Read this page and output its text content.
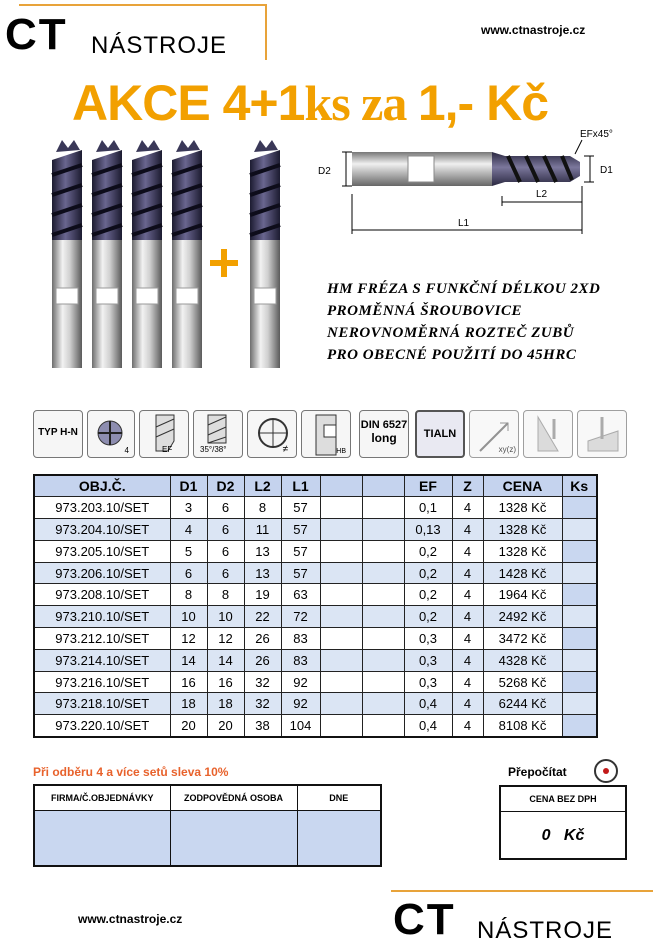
CT NÁSTROJE
www.ctnastroje.cz
AKCE 4+1ks za 1,- Kč
D2	D1
L2
L1
EFx45°
HM FRÉZA S FUNKČNÍ DÉLKOU 2XD
PROMĚNNÁ ŠROUBOVICE
NEROVNOMĚRNÁ ROZTEČ ZUBŮ
PRO OBECNÉ POUŽITÍ DO 45HRC
TYP H-N
4	EF	35°/38°	≠	HB
DIN 6527
long	TIALN
xy(z)
OBJ.Č.	D1	D2	L2	L1			EF	Z	CENA	Ks
973.203.10/SET	3	6	8	57			0,1	4	1328 Kč	
973.204.10/SET	4	6	11	57			0,13	4	1328 Kč	
973.205.10/SET	5	6	13	57			0,2	4	1328 Kč	
973.206.10/SET	6	6	13	57			0,2	4	1428 Kč	
973.208.10/SET	8	8	19	63			0,2	4	1964 Kč	
973.210.10/SET	10	10	22	72			0,2	4	2492 Kč	
973.212.10/SET	12	12	26	83			0,3	4	3472 Kč	
973.214.10/SET	14	14	26	83			0,3	4	4328 Kč	
973.216.10/SET	16	16	32	92			0,3	4	5268 Kč	
973.218.10/SET	18	18	32	92			0,4	4	6244 Kč	
973.220.10/SET	20	20	38	104			0,4	4	8108 Kč	
Při odběru 4 a více setů sleva 10%	Přepočítat
FIRMA/Č.OBJEDNÁVKY	ZODPOVĚDNÁ OSOBA	DNE
			CENA BEZ DPH
0 Kč
www.ctnastroje.cz	CT NÁSTROJE
